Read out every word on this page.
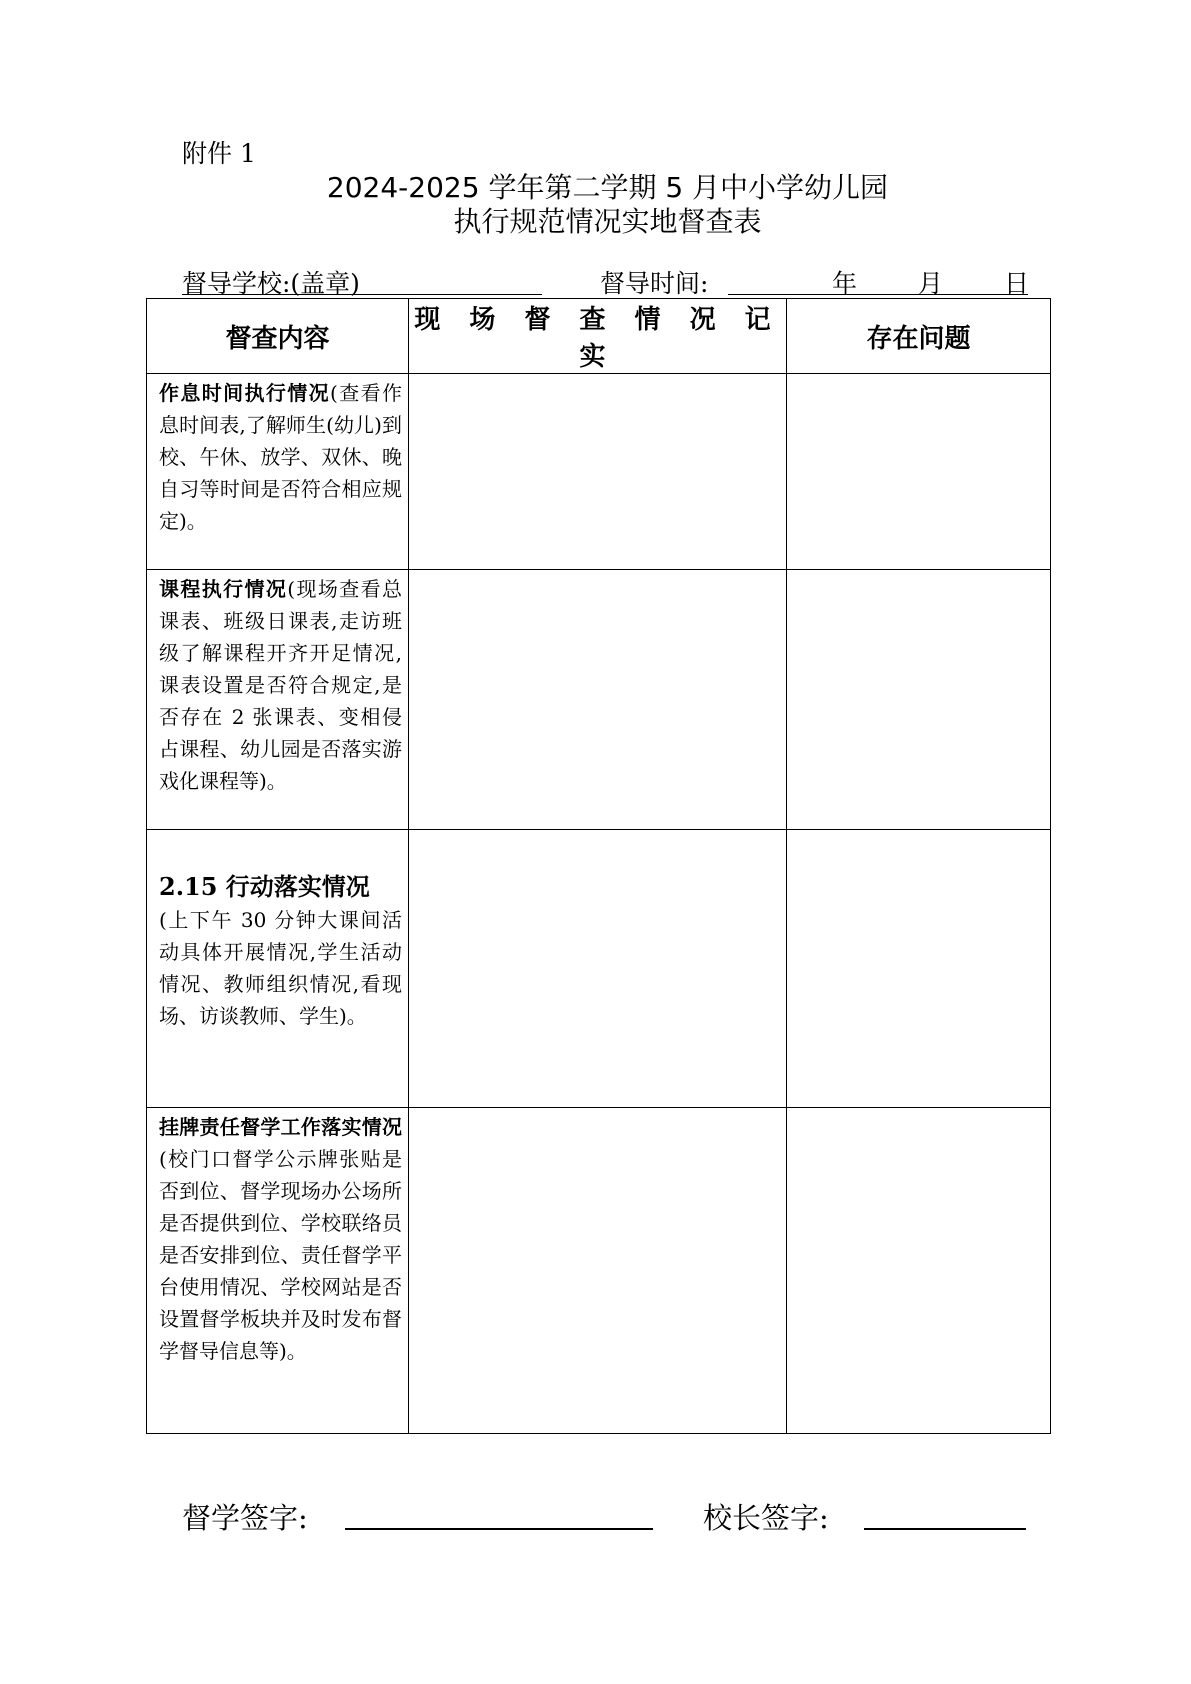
附件 1
2024-2025 学年第二学期 5 月中小学幼儿园
执行规范情况实地督查表
督导学校:(盖章)	督导时间:	年 月 日
督查内容	现 场 督 查 情 况 记实	存在问题

作息时间执行情况(查看作息时间表,了解师生(幼儿)到校、午休、放学、双休、晚自习等时间是否符合相应规定)。		

课程执行情况(现场查看总课表、班级日课表,走访班级了解课程开齐开足情况,课表设置是否符合规定,是否存在 2 张课表、变相侵占课程、幼儿园是否落实游戏化课程等)。		

2.15 行动落实情况
(上下午 30 分钟大课间活动具体开展情况,学生活动情况、教师组织情况,看现场、访谈教师、学生)。		

挂牌责任督学工作落实情况(校门口督学公示牌张贴是否到位、督学现场办公场所是否提供到位、学校联络员是否安排到位、责任督学平台使用情况、学校网站是否设置督学板块并及时发布督学督导信息等)。		

督学签字:	校长签字:
